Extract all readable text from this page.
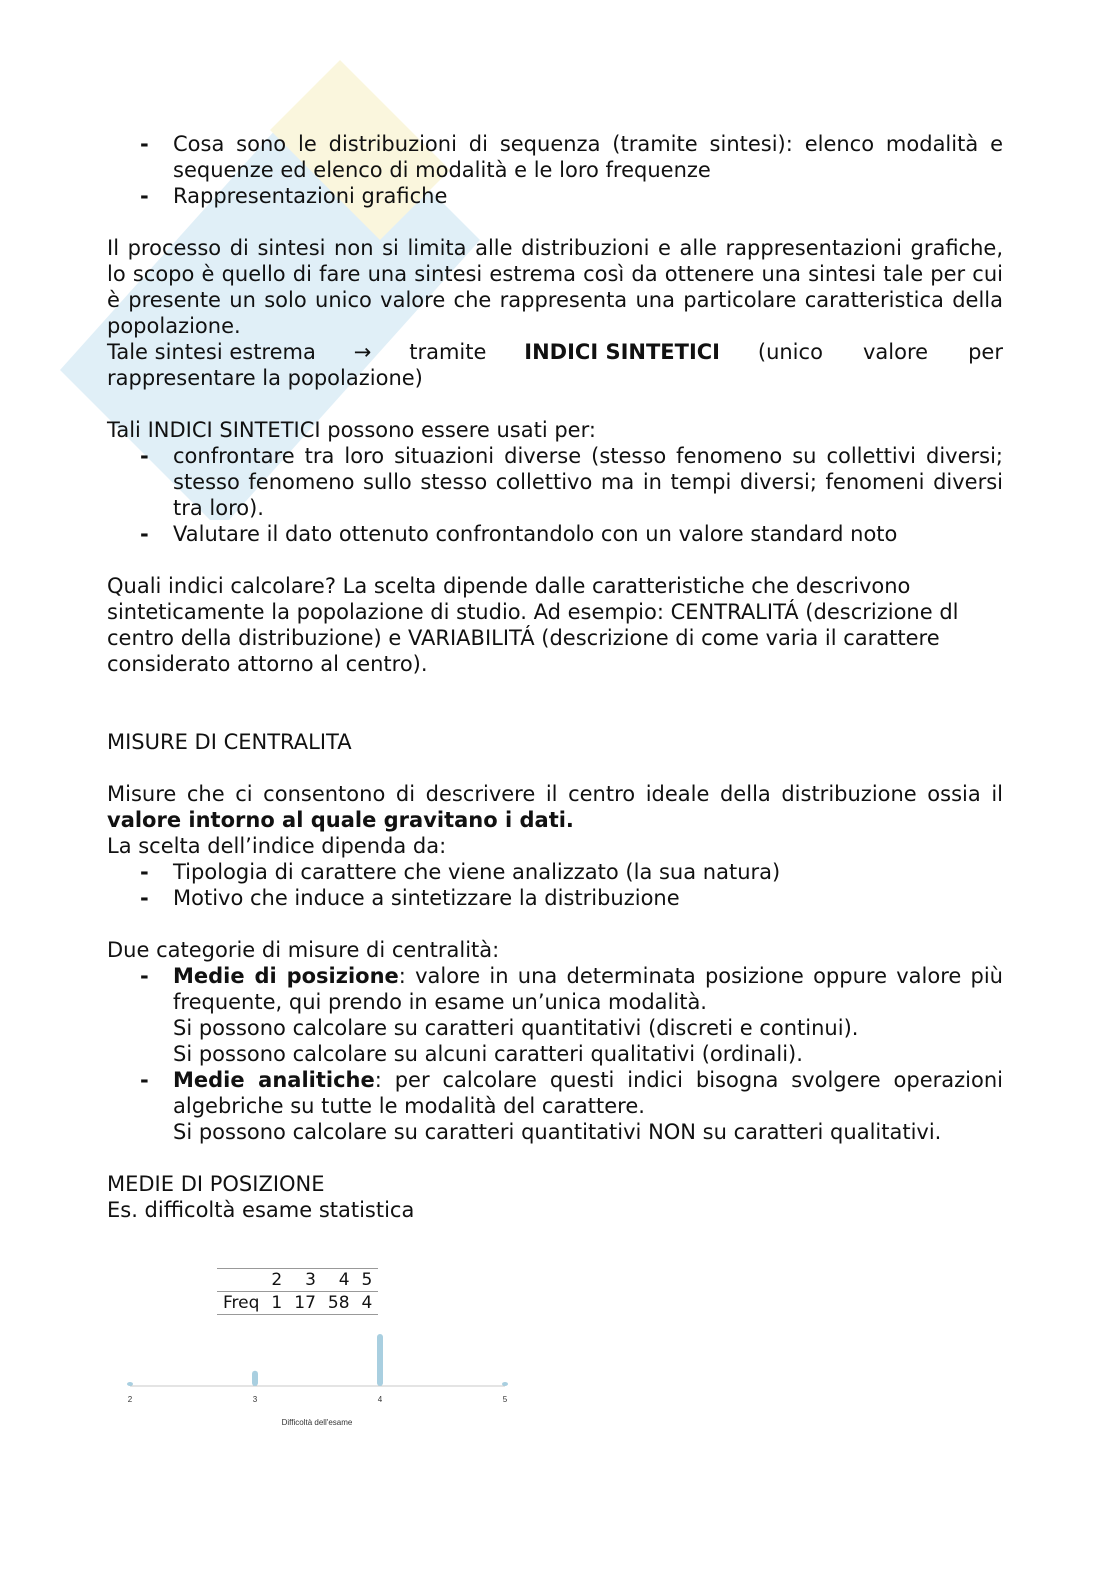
- Cosa sono le distribuzioni di sequenza (tramite sintesi): elenco modalità e sequenze ed elenco di modalità e le loro frequenze
- Rappresentazioni grafiche

Il processo di sintesi non si limita alle distribuzioni e alle rappresentazioni grafiche, lo scopo è quello di fare una sintesi estrema così da ottenere una sintesi tale per cui è presente un solo unico valore che rappresenta una particolare caratteristica della popolazione.

Tale sintesi estrema → tramite INDICI SINTETICI (unico      valore      per

rappresentare la popolazione)

Tali INDICI SINTETICI possono essere usati per:

- confrontare tra loro situazioni diverse (stesso fenomeno su collettivi diversi; stesso fenomeno sullo stesso collettivo ma in tempi diversi; fenomeni diversi tra loro).
- Valutare il dato ottenuto confrontandolo con un valore standard noto

Quali indici calcolare? La scelta dipende dalle caratteristiche che descrivono sinteticamente la popolazione di studio. Ad esempio: CENTRALITÁ (descrizione dl centro della distribuzione) e VARIABILITÁ (descrizione di come varia il carattere considerato attorno al centro).

MISURE DI CENTRALITA

Misure che ci consentono di descrivere il centro ideale della distribuzione ossia il valore intorno al quale gravitano i dati.

La scelta dell’indice dipenda da:

- Tipologia di carattere che viene analizzato (la sua natura)
- Motivo che induce a sintetizzare la distribuzione

Due categorie di misure di centralità:

- Medie di posizione: valore in una determinata posizione oppure valore più frequente, qui prendo in esame un’unica modalità.
Si possono calcolare su caratteri quantitativi (discreti e continui).
Si possono calcolare su alcuni caratteri qualitativi (ordinali).
- Medie analitiche: per calcolare questi indici bisogna svolgere operazioni algebriche su tutte le modalità del carattere.
Si possono calcolare su caratteri quantitativi NON su caratteri qualitativi.

MEDIE DI POSIZIONE

Es. difficoltà esame statistica

	2	3	4	5
Freq	1	17	58	4
2	3	4	5
Difficoltà dell'esame
